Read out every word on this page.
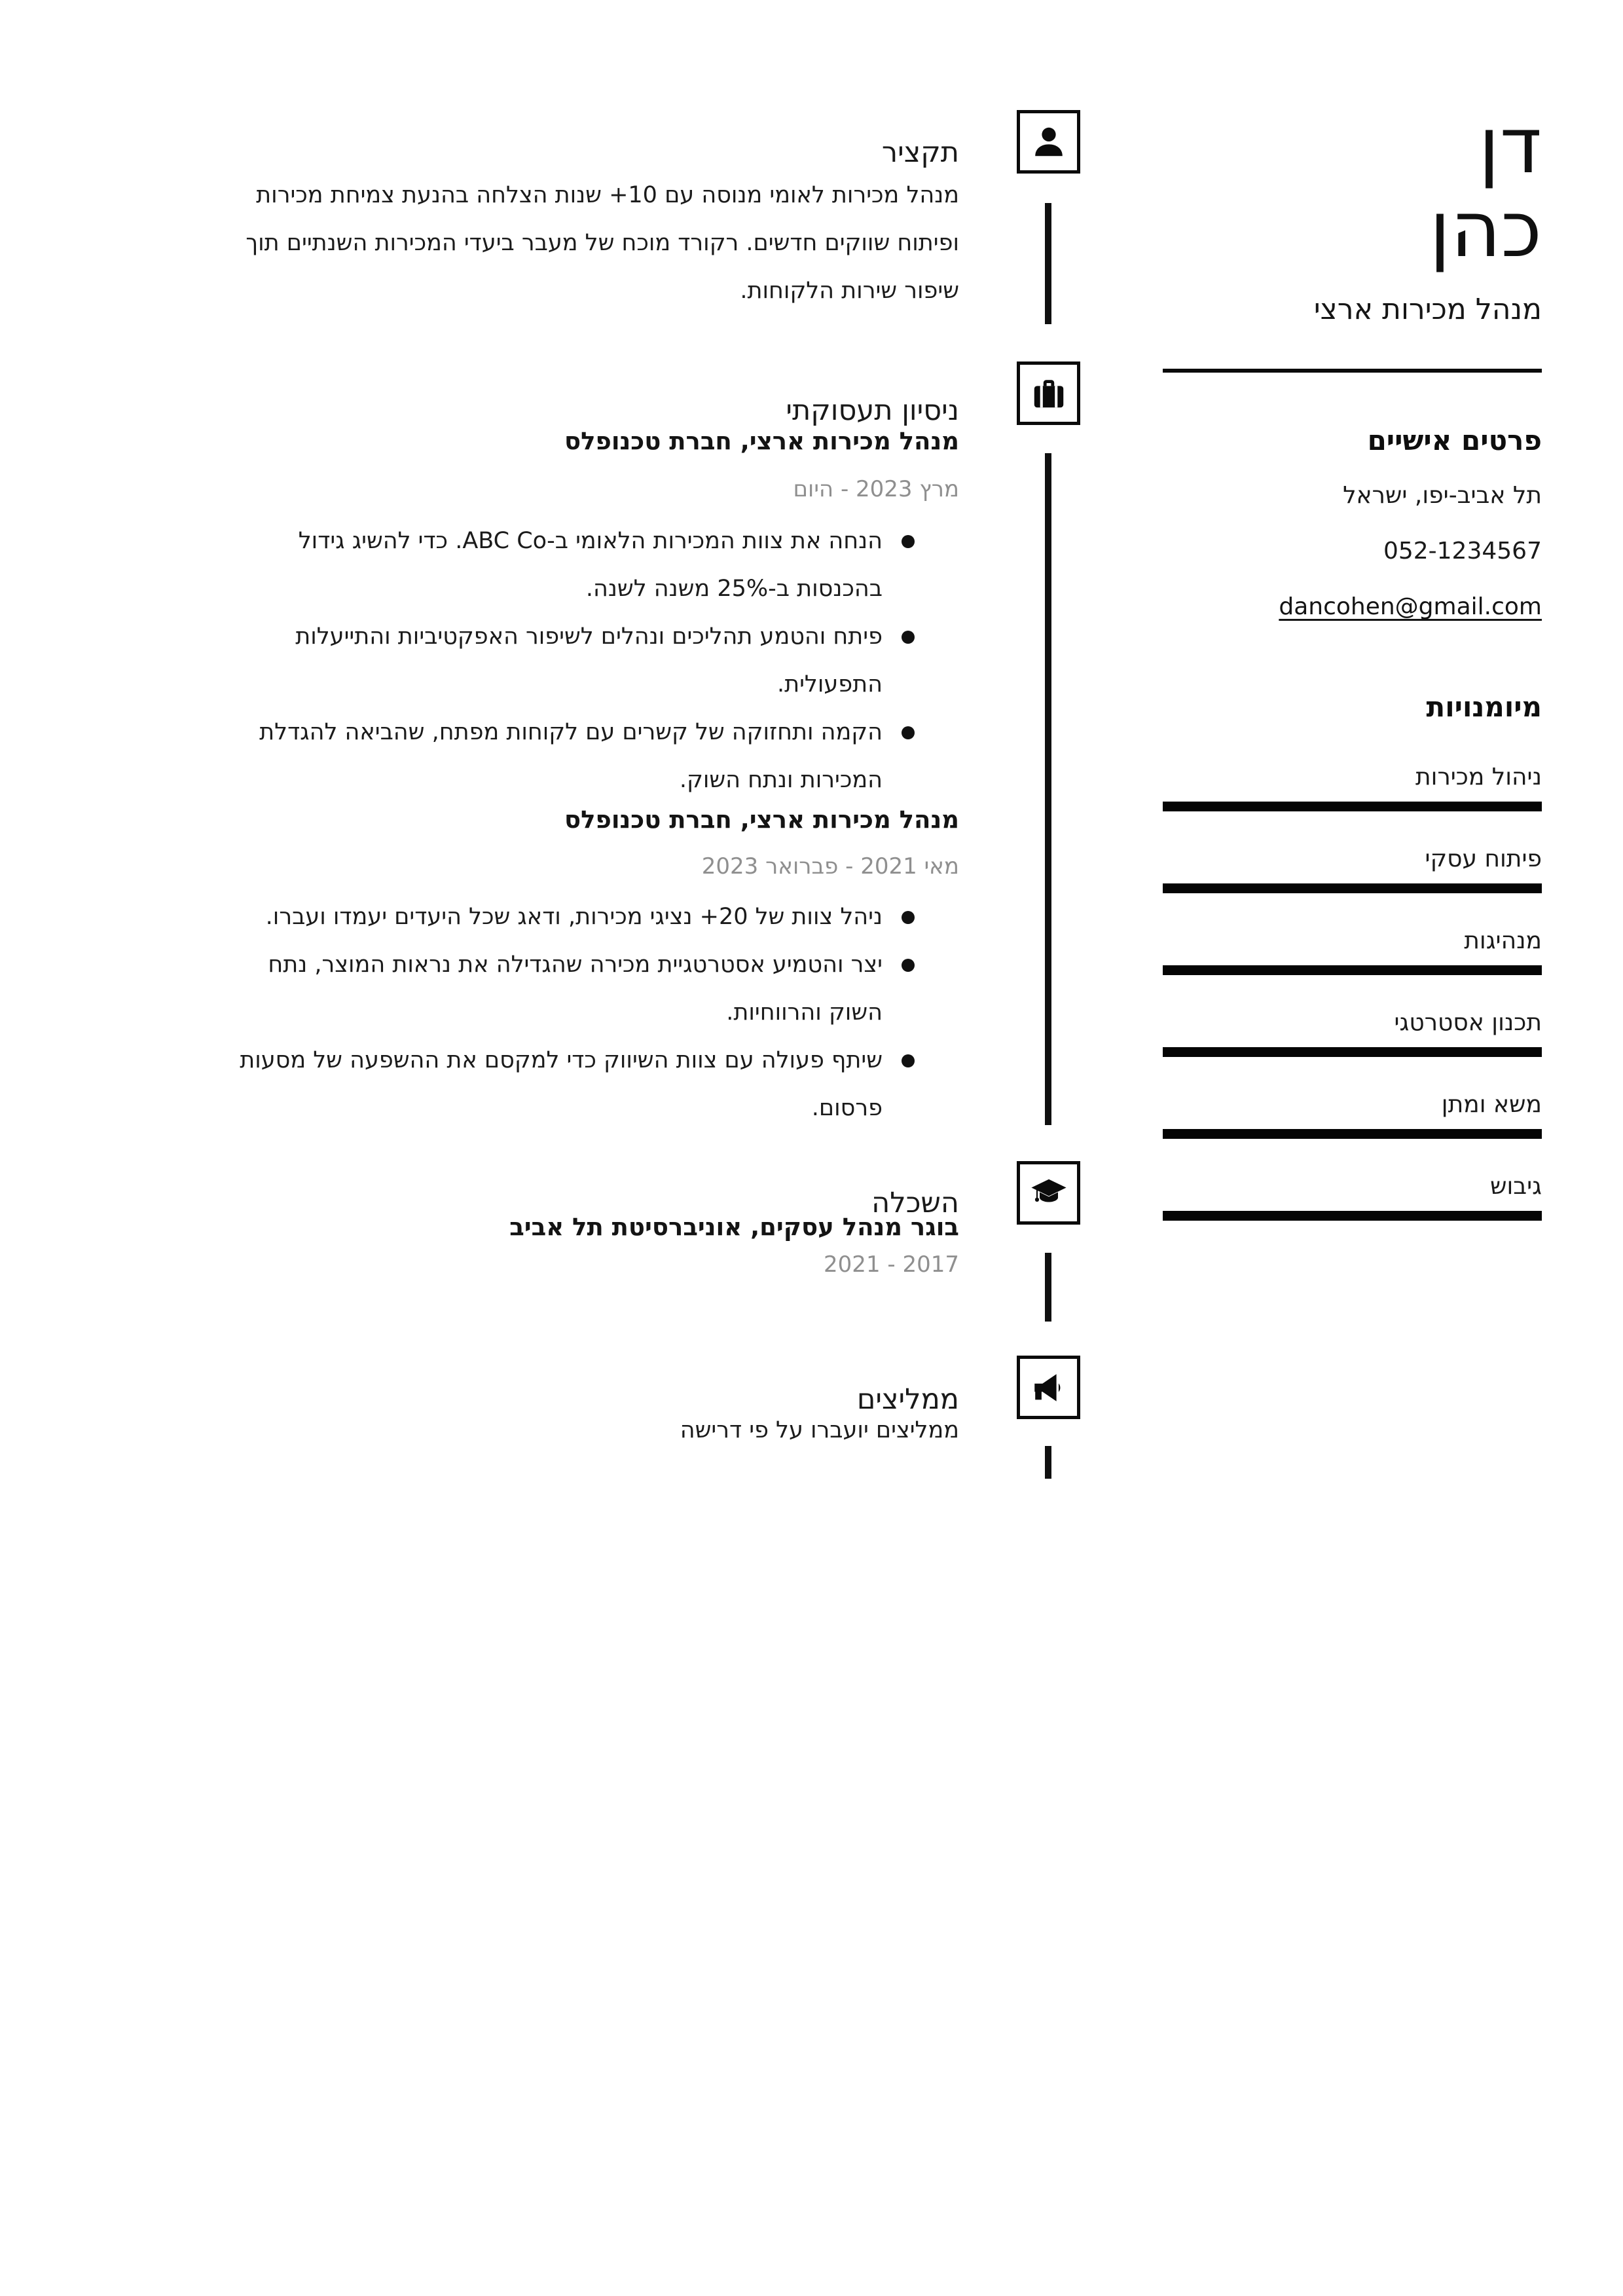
תקציר
מנהל מכירות לאומי מנוסה עם 10+ שנות הצלחה בהנעת צמיחת מכירות
ופיתוח שווקים חדשים. רקורד מוכח של מעבר ביעדי המכירות השנתיים תוך
שיפור שירות הלקוחות.
ניסיון תעסוקתי
מנהל מכירות ארצי, חברת טכנופלס
מרץ 2023 - היום
הנחה את צוות המכירות הלאומי ב-ABC Co. כדי להשיג גידול
בהכנסות ב-25% משנה לשנה.
פיתח והטמע תהליכים ונהלים לשיפור האפקטיביות והתייעלות
התפעולית.
הקמה ותחזוקה של קשרים עם לקוחות מפתח, שהביאה להגדלת
המכירות ונתח השוק.
מנהל מכירות ארצי, חברת טכנופלס
מאי 2021 - פברואר 2023
ניהל צוות של 20+ נציגי מכירות, ודאג שכל היעדים יעמדו ועברו.
יצר והטמיע אסטרטגיית מכירה שהגדילה את נראות המוצר, נתח
השוק והרווחיות.
שיתף פעולה עם צוות השיווק כדי למקסם את ההשפעה של מסעות
פרסום.
השכלה
בוגר מנהל עסקים, אוניברסיטת תל אביב
2017 - 2021
ממליצים
ממליצים יועברו על פי דרישה
דן
כהן
מנהל מכירות ארצי
פרטים אישיים
תל אביב-יפו, ישראל
052-1234567
dancohen@gmail.com
מיומנויות
ניהול מכירות
פיתוח עסקי
מנהיגות
תכנון אסטרטגי
משא ומתן
גיבוש
